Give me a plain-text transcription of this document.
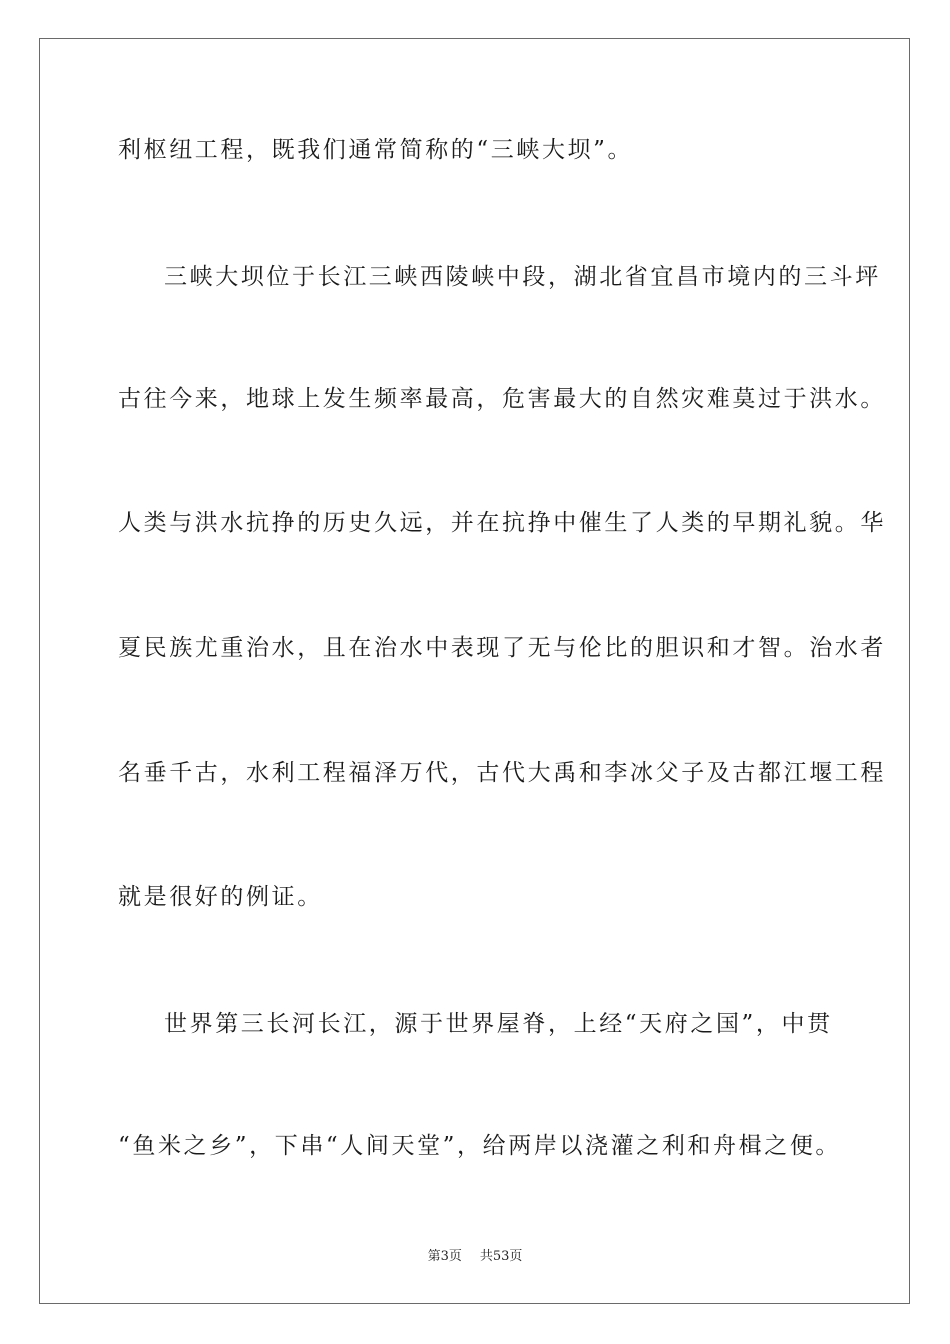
利枢纽工程，既我们通常简称的“三峡大坝”。
三峡大坝位于长江三峡西陵峡中段，湖北省宜昌市境内的三斗坪
古往今来，地球上发生频率最高，危害最大的自然灾难莫过于洪水。
人类与洪水抗挣的历史久远，并在抗挣中催生了人类的早期礼貌。华
夏民族尤重治水，且在治水中表现了无与伦比的胆识和才智。治水者
名垂千古，水利工程福泽万代，古代大禹和李冰父子及古都江堰工程
就是很好的例证。
世界第三长河长江，源于世界屋脊，上经“天府之国”，中贯
“鱼米之乡”，下串“人间天堂”，给两岸以浇灌之利和舟楫之便。
第3页 共53页
